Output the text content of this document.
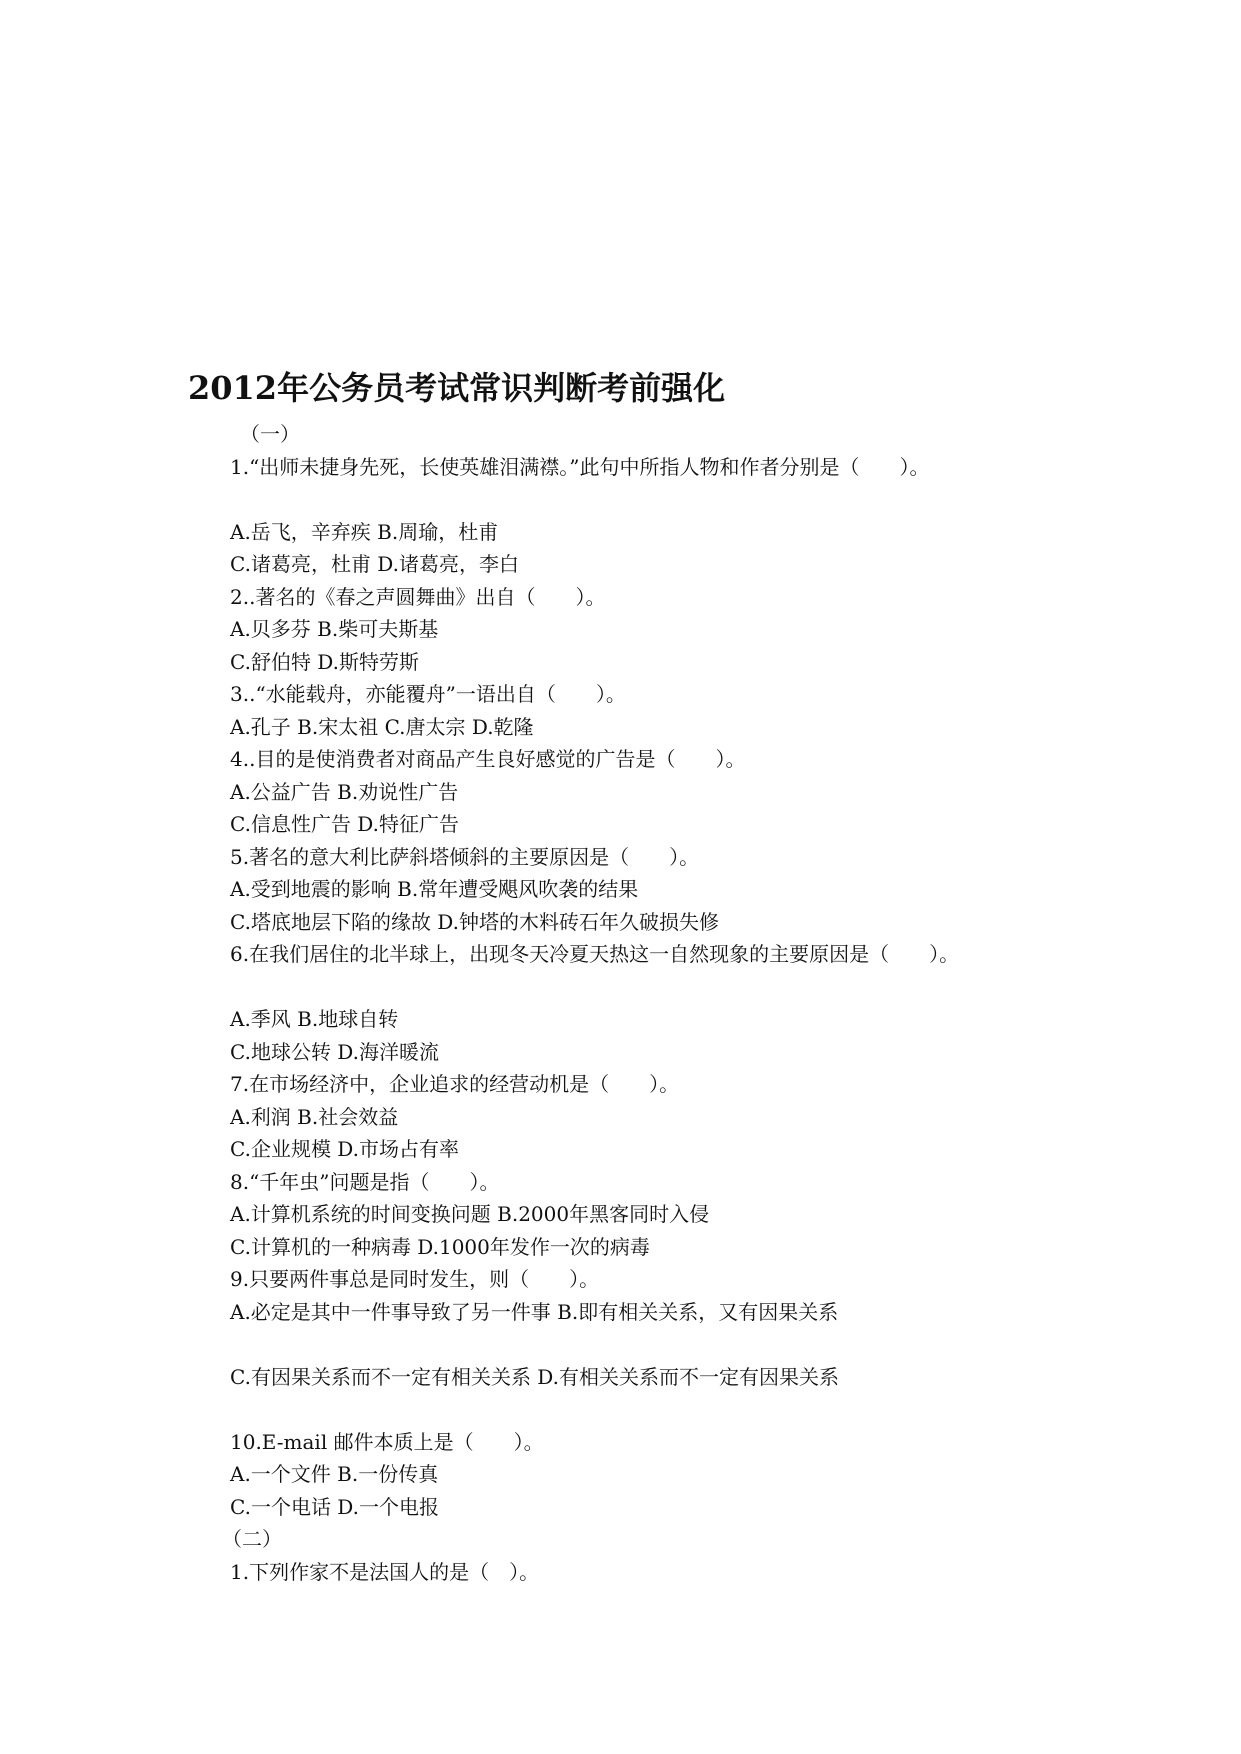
2012年公务员考试常识判断考前强化
（一）
1.“出师未捷身先死，长使英雄泪满襟。”此句中所指人物和作者分别是（　　）。
A.岳飞，辛弃疾 B.周瑜，杜甫
C.诸葛亮，杜甫 D.诸葛亮，李白
2..著名的《春之声圆舞曲》出自（　　）。
A.贝多芬 B.柴可夫斯基
C.舒伯特 D.斯特劳斯
3..“水能载舟，亦能覆舟”一语出自（　　）。
A.孔子 B.宋太祖 C.唐太宗 D.乾隆
4..目的是使消费者对商品产生良好感觉的广告是（　　）。
A.公益广告 B.劝说性广告
C.信息性广告 D.特征广告
5.著名的意大利比萨斜塔倾斜的主要原因是（　　）。
A.受到地震的影响 B.常年遭受飓风吹袭的结果
C.塔底地层下陷的缘故 D.钟塔的木料砖石年久破损失修
6.在我们居住的北半球上，出现冬天冷夏天热这一自然现象的主要原因是（　　）。
A.季风 B.地球自转
C.地球公转 D.海洋暖流
7.在市场经济中，企业追求的经营动机是（　　）。
A.利润 B.社会效益
C.企业规模 D.市场占有率
8.“千年虫”问题是指（　　）。
A.计算机系统的时间变换问题 B.2000年黑客同时入侵
C.计算机的一种病毒 D.1000年发作一次的病毒
9.只要两件事总是同时发生，则（　　）。
A.必定是其中一件事导致了另一件事 B.即有相关关系，又有因果关系
C.有因果关系而不一定有相关关系 D.有相关关系而不一定有因果关系
10.E-mail 邮件本质上是（　　）。
A.一个文件 B.一份传真
C.一个电话 D.一个电报
（二）
1.下列作家不是法国人的是（　）。
